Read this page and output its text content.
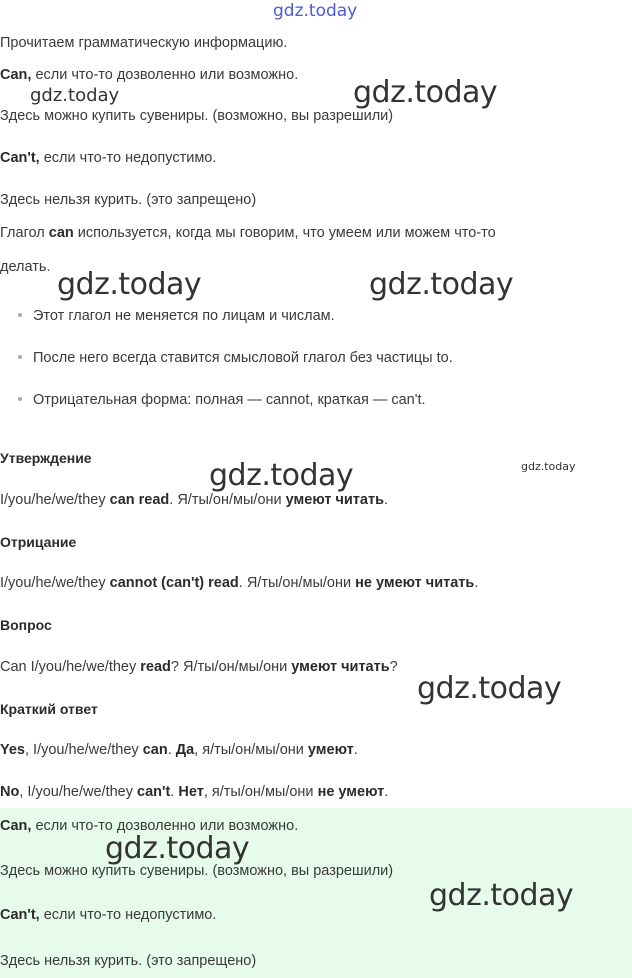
gdz.today
Прочитаем грамматическую информацию.
Can, если что-то дозволенно или возможно.
Здесь можно купить сувениры. (возможно, вы разрешили)
Can't, если что-то недопустимо.
Здесь нельзя курить. (это запрещено)
Глагол can используется, когда мы говорим, что умеем или можем что-то
делать.
Этот глагол не меняется по лицам и числам.
После него всегда ставится смысловой глагол без частицы to.
Отрицательная форма: полная — cannot, краткая — can't.
Утверждение
I/you/he/we/they can read. Я/ты/он/мы/они умеют читать.
Отрицание
I/you/he/we/they cannot (can't) read. Я/ты/он/мы/они не умеют читать.
Вопрос
Can I/you/he/we/they read? Я/ты/он/мы/они умеют читать?
Краткий ответ
Yes, I/you/he/we/they can. Да, я/ты/он/мы/они умеют.
No, I/you/he/we/they can't. Нет, я/ты/он/мы/они не умеют.
Can, если что-то дозволенно или возможно.
Здесь можно купить сувениры. (возможно, вы разрешили)
Can't, если что-то недопустимо.
Здесь нельзя курить. (это запрещено)
gdz.today	gdz.today
gdz.today	gdz.today
gdz.today	gdz.today
gdz.today
gdz.today
gdz.today
